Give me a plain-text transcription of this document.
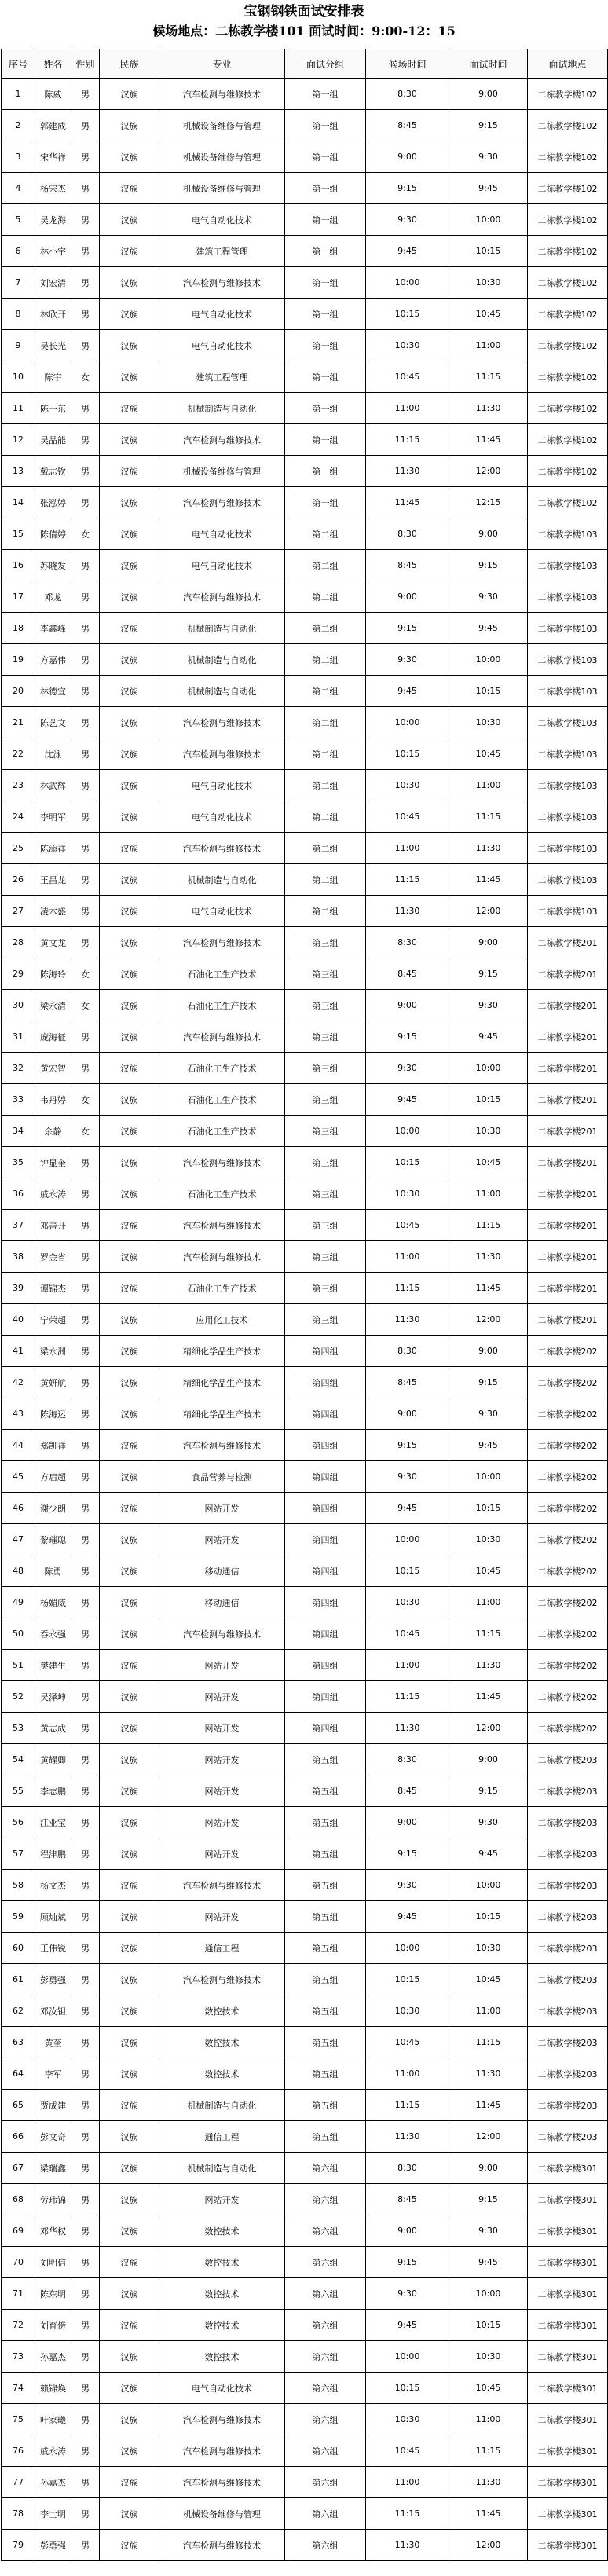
宝钢钢铁面试安排表
候场地点：二栋教学楼101 面试时间：9:00-12：15
序号	姓名	性别	民族	专业	面试分组	候场时间	面试时间	面试地点
1	陈威	男	汉族	汽车检测与维修技术	第一组	8:30	9:00	二栋教学楼102
2	郭建成	男	汉族	机械设备维修与管理	第一组	8:45	9:15	二栋教学楼102
3	宋华祥	男	汉族	机械设备维修与管理	第一组	9:00	9:30	二栋教学楼102
4	杨宋杰	男	汉族	机械设备维修与管理	第一组	9:15	9:45	二栋教学楼102
5	吴龙海	男	汉族	电气自动化技术	第一组	9:30	10:00	二栋教学楼102
6	林小宇	男	汉族	建筑工程管理	第一组	9:45	10:15	二栋教学楼102
7	刘宏清	男	汉族	汽车检测与维修技术	第一组	10:00	10:30	二栋教学楼102
8	林欣开	男	汉族	电气自动化技术	第一组	10:15	10:45	二栋教学楼102
9	吴长光	男	汉族	电气自动化技术	第一组	10:30	11:00	二栋教学楼102
10	陈宇	女	汉族	建筑工程管理	第一组	10:45	11:15	二栋教学楼102
11	陈干东	男	汉族	机械制造与自动化	第一组	11:00	11:30	二栋教学楼102
12	吴晶能	男	汉族	汽车检测与维修技术	第一组	11:15	11:45	二栋教学楼102
13	戴志钦	男	汉族	机械设备维修与管理	第一组	11:30	12:00	二栋教学楼102
14	张泓婷	男	汉族	汽车检测与维修技术	第一组	11:45	12:15	二栋教学楼102
15	陈倩婷	女	汉族	电气自动化技术	第二组	8:30	9:00	二栋教学楼103
16	苏晓发	男	汉族	电气自动化技术	第二组	8:45	9:15	二栋教学楼103
17	邓龙	男	汉族	汽车检测与维修技术	第二组	9:00	9:30	二栋教学楼103
18	李鑫峰	男	汉族	机械制造与自动化	第二组	9:15	9:45	二栋教学楼103
19	方嘉伟	男	汉族	机械制造与自动化	第二组	9:30	10:00	二栋教学楼103
20	林德宜	男	汉族	机械制造与自动化	第二组	9:45	10:15	二栋教学楼103
21	陈艺文	男	汉族	汽车检测与维修技术	第二组	10:00	10:30	二栋教学楼103
22	沈泳	男	汉族	汽车检测与维修技术	第二组	10:15	10:45	二栋教学楼103
23	林武辉	男	汉族	电气自动化技术	第二组	10:30	11:00	二栋教学楼103
24	李明军	男	汉族	电气自动化技术	第二组	10:45	11:15	二栋教学楼103
25	陈添祥	男	汉族	汽车检测与维修技术	第二组	11:00	11:30	二栋教学楼103
26	王昌龙	男	汉族	机械制造与自动化	第二组	11:15	11:45	二栋教学楼103
27	凌木盛	男	汉族	电气自动化技术	第二组	11:30	12:00	二栋教学楼103
28	黄文龙	男	汉族	汽车检测与维修技术	第三组	8:30	9:00	二栋教学楼201
29	陈海玲	女	汉族	石油化工生产技术	第三组	8:45	9:15	二栋教学楼201
30	梁永清	女	汉族	石油化工生产技术	第三组	9:00	9:30	二栋教学楼201
31	庞海征	男	汉族	汽车检测与维修技术	第三组	9:15	9:45	二栋教学楼201
32	黄宏智	男	汉族	石油化工生产技术	第三组	9:30	10:00	二栋教学楼201
33	韦丹婷	女	汉族	石油化工生产技术	第三组	9:45	10:15	二栋教学楼201
34	余静	女	汉族	石油化工生产技术	第三组	10:00	10:30	二栋教学楼201
35	钟显奎	男	汉族	汽车检测与维修技术	第三组	10:15	10:45	二栋教学楼201
36	戚永涛	男	汉族	石油化工生产技术	第三组	10:30	11:00	二栋教学楼201
37	邓善开	男	汉族	汽车检测与维修技术	第三组	10:45	11:15	二栋教学楼201
38	罗金省	男	汉族	汽车检测与维修技术	第三组	11:00	11:30	二栋教学楼201
39	谭锦杰	男	汉族	石油化工生产技术	第三组	11:15	11:45	二栋教学楼201
40	宁荣超	男	汉族	应用化工技术	第三组	11:30	12:00	二栋教学楼201
41	梁永洲	男	汉族	精细化学品生产技术	第四组	8:30	9:00	二栋教学楼202
42	黄妍航	男	汉族	精细化学品生产技术	第四组	8:45	9:15	二栋教学楼202
43	陈海运	男	汉族	精细化学品生产技术	第四组	9:00	9:30	二栋教学楼202
44	郑凯祥	男	汉族	汽车检测与维修技术	第四组	9:15	9:45	二栋教学楼202
45	方启超	男	汉族	食品营养与检测	第四组	9:30	10:00	二栋教学楼202
46	谢少朗	男	汉族	网站开发	第四组	9:45	10:15	二栋教学楼202
47	黎璀聪	男	汉族	网站开发	第四组	10:00	10:30	二栋教学楼202
48	陈勇	男	汉族	移动通信	第四组	10:15	10:45	二栋教学楼202
49	杨媚威	男	汉族	移动通信	第四组	10:30	11:00	二栋教学楼202
50	吞永强	男	汉族	汽车检测与维修技术	第四组	10:45	11:15	二栋教学楼202
51	樊建生	男	汉族	网站开发	第四组	11:00	11:30	二栋教学楼202
52	吴泽坤	男	汉族	网站开发	第四组	11:15	11:45	二栋教学楼202
53	黄志成	男	汉族	网站开发	第四组	11:30	12:00	二栋教学楼202
54	黄耀卿	男	汉族	网站开发	第五组	8:30	9:00	二栋教学楼203
55	李志鹏	男	汉族	网站开发	第五组	8:45	9:15	二栋教学楼203
56	江亚宝	男	汉族	网站开发	第五组	9:00	9:30	二栋教学楼203
57	程津鹏	男	汉族	网站开发	第五组	9:15	9:45	二栋教学楼203
58	杨文杰	男	汉族	汽车检测与维修技术	第五组	9:30	10:00	二栋教学楼203
59	顾灿斌	男	汉族	网站开发	第五组	9:45	10:15	二栋教学楼203
60	王伟锐	男	汉族	通信工程	第五组	10:00	10:30	二栋教学楼203
61	彭勇强	男	汉族	汽车检测与维修技术	第五组	10:15	10:45	二栋教学楼203
62	邓汝钽	男	汉族	数控技术	第五组	10:30	11:00	二栋教学楼203
63	黄奎	男	汉族	数控技术	第五组	10:45	11:15	二栋教学楼203
64	李军	男	汉族	数控技术	第五组	11:00	11:30	二栋教学楼203
65	贾成建	男	汉族	机械制造与自动化	第五组	11:15	11:45	二栋教学楼203
66	彭文奇	男	汉族	通信工程	第五组	11:30	12:00	二栋教学楼203
67	梁瑞鑫	男	汉族	机械制造与自动化	第六组	8:30	9:00	二栋教学楼301
68	劳玮锦	男	汉族	网站开发	第六组	8:45	9:15	二栋教学楼301
69	邓华权	男	汉族	数控技术	第六组	9:00	9:30	二栋教学楼301
70	刘明信	男	汉族	数控技术	第六组	9:15	9:45	二栋教学楼301
71	陈东明	男	汉族	数控技术	第六组	9:30	10:00	二栋教学楼301
72	刘育傍	男	汉族	数控技术	第六组	9:45	10:15	二栋教学楼301
73	孙嘉杰	男	汉族	数控技术	第六组	10:00	10:30	二栋教学楼301
74	赖锦焕	男	汉族	电气自动化技术	第六组	10:15	10:45	二栋教学楼301
75	叶家曦	男	汉族	汽车检测与维修技术	第六组	10:30	11:00	二栋教学楼301
76	戚永涛	男	汉族	汽车检测与维修技术	第六组	10:45	11:15	二栋教学楼301
77	孙嘉杰	男	汉族	汽车检测与维修技术	第六组	11:00	11:30	二栋教学楼301
78	李士明	男	汉族	机械设备维修与管理	第六组	11:15	11:45	二栋教学楼301
79	彭勇强	男	汉族	汽车检测与维修技术	第六组	11:30	12:00	二栋教学楼301
